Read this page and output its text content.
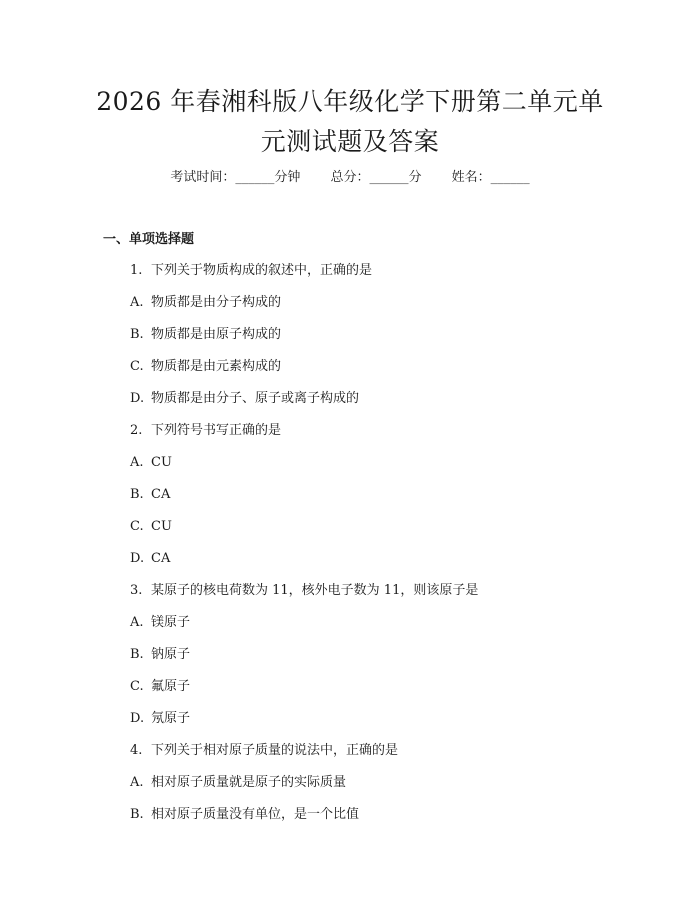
2026 年春湘科版八年级化学下册第二单元单
元测试题及答案
考试时间：______分钟 总分：______分 姓名：______
一、单项选择题
1. 下列关于物质构成的叙述中，正确的是
A. 物质都是由分子构成的
B. 物质都是由原子构成的
C. 物质都是由元素构成的
D. 物质都是由分子、原子或离子构成的
2. 下列符号书写正确的是
A. CU
B. CA
C. CU
D. CA
3. 某原子的核电荷数为 11，核外电子数为 11，则该原子是
A. 镁原子
B. 钠原子
C. 氟原子
D. 氖原子
4. 下列关于相对原子质量的说法中，正确的是
A. 相对原子质量就是原子的实际质量
B. 相对原子质量没有单位，是一个比值
